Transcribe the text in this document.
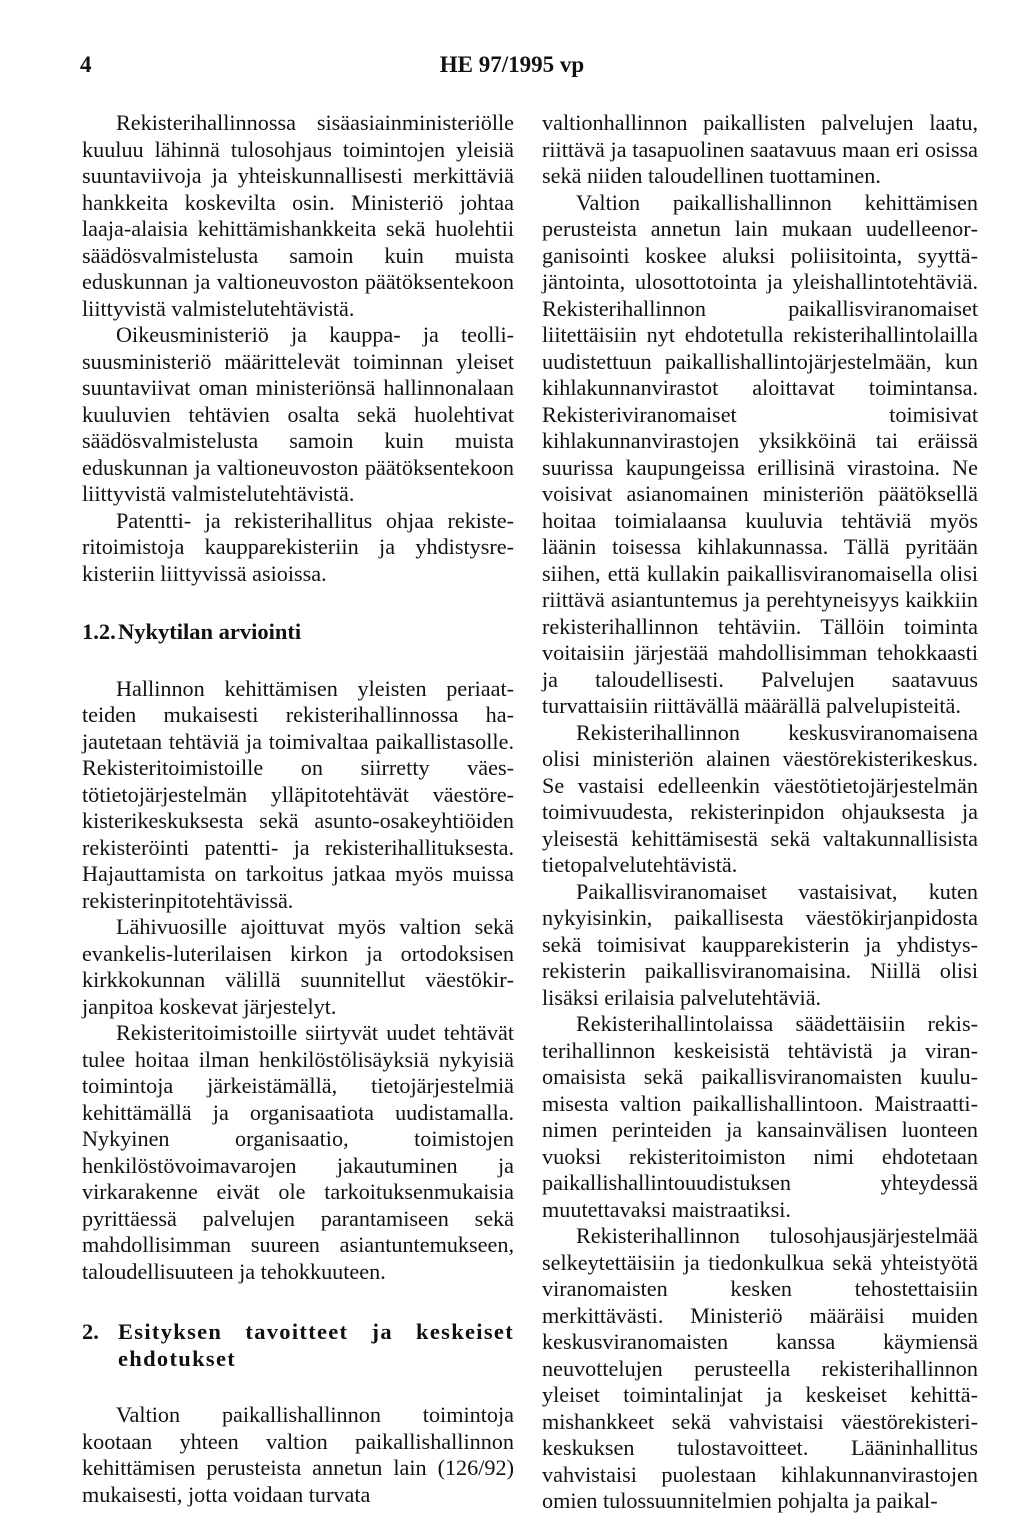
4	HE 97/1995 vp

Rekisterihallinnossa sisäasiainministeriölle kuuluu lähinnä tulosohjaus toimintojen yleisiä suuntaviivoja ja yhteiskunnallisesti merkittäviä hankkeita koskevilta osin. Ministeriö johtaa laaja-alaisia kehittämishankkeita sekä huolehtii säädösvalmistelusta samoin kuin muista eduskunnan ja valtioneuvoston päätöksentekoon liittyvistä valmistelutehtävistä.

Oikeusministeriö ja kauppa- ja teollisuusministeriö määrittelevät toiminnan yleiset suuntaviivat oman ministeriönsä hallinnonalaan kuuluvien tehtävien osalta sekä huolehtivat säädösvalmistelusta samoin kuin muista eduskunnan ja valtioneuvoston päätöksentekoon liittyvistä valmistelutehtävistä.

Patentti- ja rekisterihallitus ohjaa rekisteritoimistoja kaupparekisteriin ja yhdistysrekisteriin liittyvissä asioissa.

1.2. Nykytilan arviointi

Hallinnon kehittämisen yleisten periaatteiden mukaisesti rekisterihallinnossa hajautetaan tehtäviä ja toimivaltaa paikallistasolle. Rekisteritoimistoille on siirretty väestötietojärjestelmän ylläpitotehtävät väestörekisterikeskuksesta sekä asunto-osakeyhtiöiden rekisteröinti patentti- ja rekisterihallituksesta. Hajauttamista on tarkoitus jatkaa myös muissa rekisterinpitotehtävissä.

Lähivuosille ajoittuvat myös valtion sekä evankelis-luterilaisen kirkon ja ortodoksisen kirkkokunnan välillä suunnitellut väestökirjanpitoa koskevat järjestelyt.

Rekisteritoimistoille siirtyvät uudet tehtävät tulee hoitaa ilman henkilöstölisäyksiä nykyisiä toimintoja järkeistämällä, tietojärjestelmiä kehittämällä ja organisaatiota uudistamalla. Nykyinen organisaatio, toimistojen henkilöstövoimavarojen jakautuminen ja virkarakenne eivät ole tarkoituksenmukaisia pyrittäessä palvelujen parantamiseen sekä mahdollisimman suureen asiantuntemukseen, taloudellisuuteen ja tehokkuuteen.

2. Esityksen tavoitteet ja keskeiset ehdotukset

Valtion paikallishallinnon toimintoja kootaan yhteen valtion paikallishallinnon kehittämisen perusteista annetun lain (126/92) mukaisesti, jotta voidaan turvata

valtionhallinnon paikallisten palvelujen laatu, riittävä ja tasapuolinen saatavuus maan eri osissa sekä niiden taloudellinen tuottaminen.

Valtion paikallishallinnon kehittämisen perusteista annetun lain mukaan uudelleenorganisointi koskee aluksi poliisitointa, syyttäjäntointa, ulosottotointa ja yleishallintotehtäviä. Rekisterihallinnon paikallisviranomaiset liitettäisiin nyt ehdotetulla rekisterihallintolailla uudistettuun paikallishallintojärjestelmään, kun kihlakunnanvirastot aloittavat toimintansa. Rekisteriviranomaiset toimisivat kihlakunnanvirastojen yksikköinä tai eräissä suurissa kaupungeissa erillisinä virastoina. Ne voisivat asianomainen ministeriön päätöksellä hoitaa toimialaansa kuuluvia tehtäviä myös läänin toisessa kihlakunnassa. Tällä pyritään siihen, että kullakin paikallisviranomaisella olisi riittävä asiantuntemus ja perehtyneisyys kaikkiin rekisterihallinnon tehtäviin. Tällöin toiminta voitaisiin järjestää mahdollisimman tehokkaasti ja taloudellisesti. Palvelujen saatavuus turvattaisiin riittävällä määrällä palvelupisteitä.

Rekisterihallinnon keskusviranomaisena olisi ministeriön alainen väestörekisterikeskus. Se vastaisi edelleenkin väestötietojärjestelmän toimivuudesta, rekisterinpidon ohjauksesta ja yleisestä kehittämisestä sekä valtakunnallisista tietopalvelutehtävistä.

Paikallisviranomaiset vastaisivat, kuten nykyisinkin, paikallisesta väestökirjanpidosta sekä toimisivat kaupparekisterin ja yhdistysrekisterin paikallisviranomaisina. Niillä olisi lisäksi erilaisia palvelutehtäviä.

Rekisterihallintolaissa säädettäisiin rekisterihallinnon keskeisistä tehtävistä ja viranomaisista sekä paikallisviranomaisten kuulumisesta valtion paikallishallintoon. Maistraatti-nimen perinteiden ja kansainvälisen luonteen vuoksi rekisteritoimiston nimi ehdotetaan paikallishallintouudistuksen yhteydessä muutettavaksi maistraatiksi.

Rekisterihallinnon tulosohjausjärjestelmää selkeytettäisiin ja tiedonkulkua sekä yhteistyötä viranomaisten kesken tehostettaisiin merkittävästi. Ministeriö määräisi muiden keskusviranomaisten kanssa käymiensä neuvottelujen perusteella rekisterihallinnon yleiset toimintalinjat ja keskeiset kehittämishankkeet sekä vahvistaisi väestörekisterikeskuksen tulostavoitteet. Lääninhallitus vahvistaisi puolestaan kihlakunnanvirastojen omien tulossuunnitelmien pohjalta ja paikal-
